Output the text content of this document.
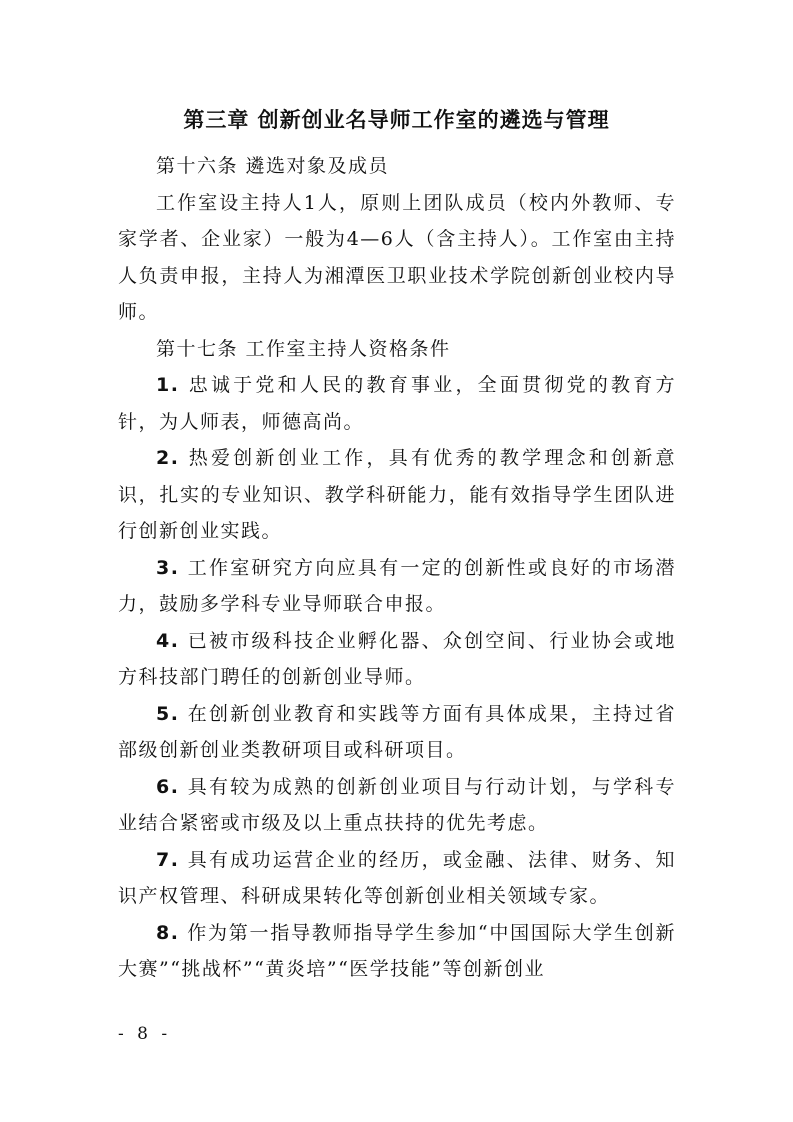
第三章 创新创业名导师工作室的遴选与管理

第十六条 遴选对象及成员

工作室设主持人1人，原则上团队成员（校内外教师、专家学者、企业家）一般为4—6人（含主持人）。工作室由主持人负责申报，主持人为湘潭医卫职业技术学院创新创业校内导师。

第十七条 工作室主持人资格条件

1. 忠诚于党和人民的教育事业，全面贯彻党的教育方针，为人师表，师德高尚。

2. 热爱创新创业工作，具有优秀的教学理念和创新意识，扎实的专业知识、教学科研能力，能有效指导学生团队进行创新创业实践。

3. 工作室研究方向应具有一定的创新性或良好的市场潜力，鼓励多学科专业导师联合申报。

4. 已被市级科技企业孵化器、众创空间、行业协会或地方科技部门聘任的创新创业导师。

5. 在创新创业教育和实践等方面有具体成果，主持过省部级创新创业类教研项目或科研项目。

6. 具有较为成熟的创新创业项目与行动计划，与学科专业结合紧密或市级及以上重点扶持的优先考虑。

7. 具有成功运营企业的经历，或金融、法律、财务、知识产权管理、科研成果转化等创新创业相关领域专家。

8. 作为第一指导教师指导学生参加“中国国际大学生创新大赛”“挑战杯”“黄炎培”“医学技能”等创新创业

- 8 -
